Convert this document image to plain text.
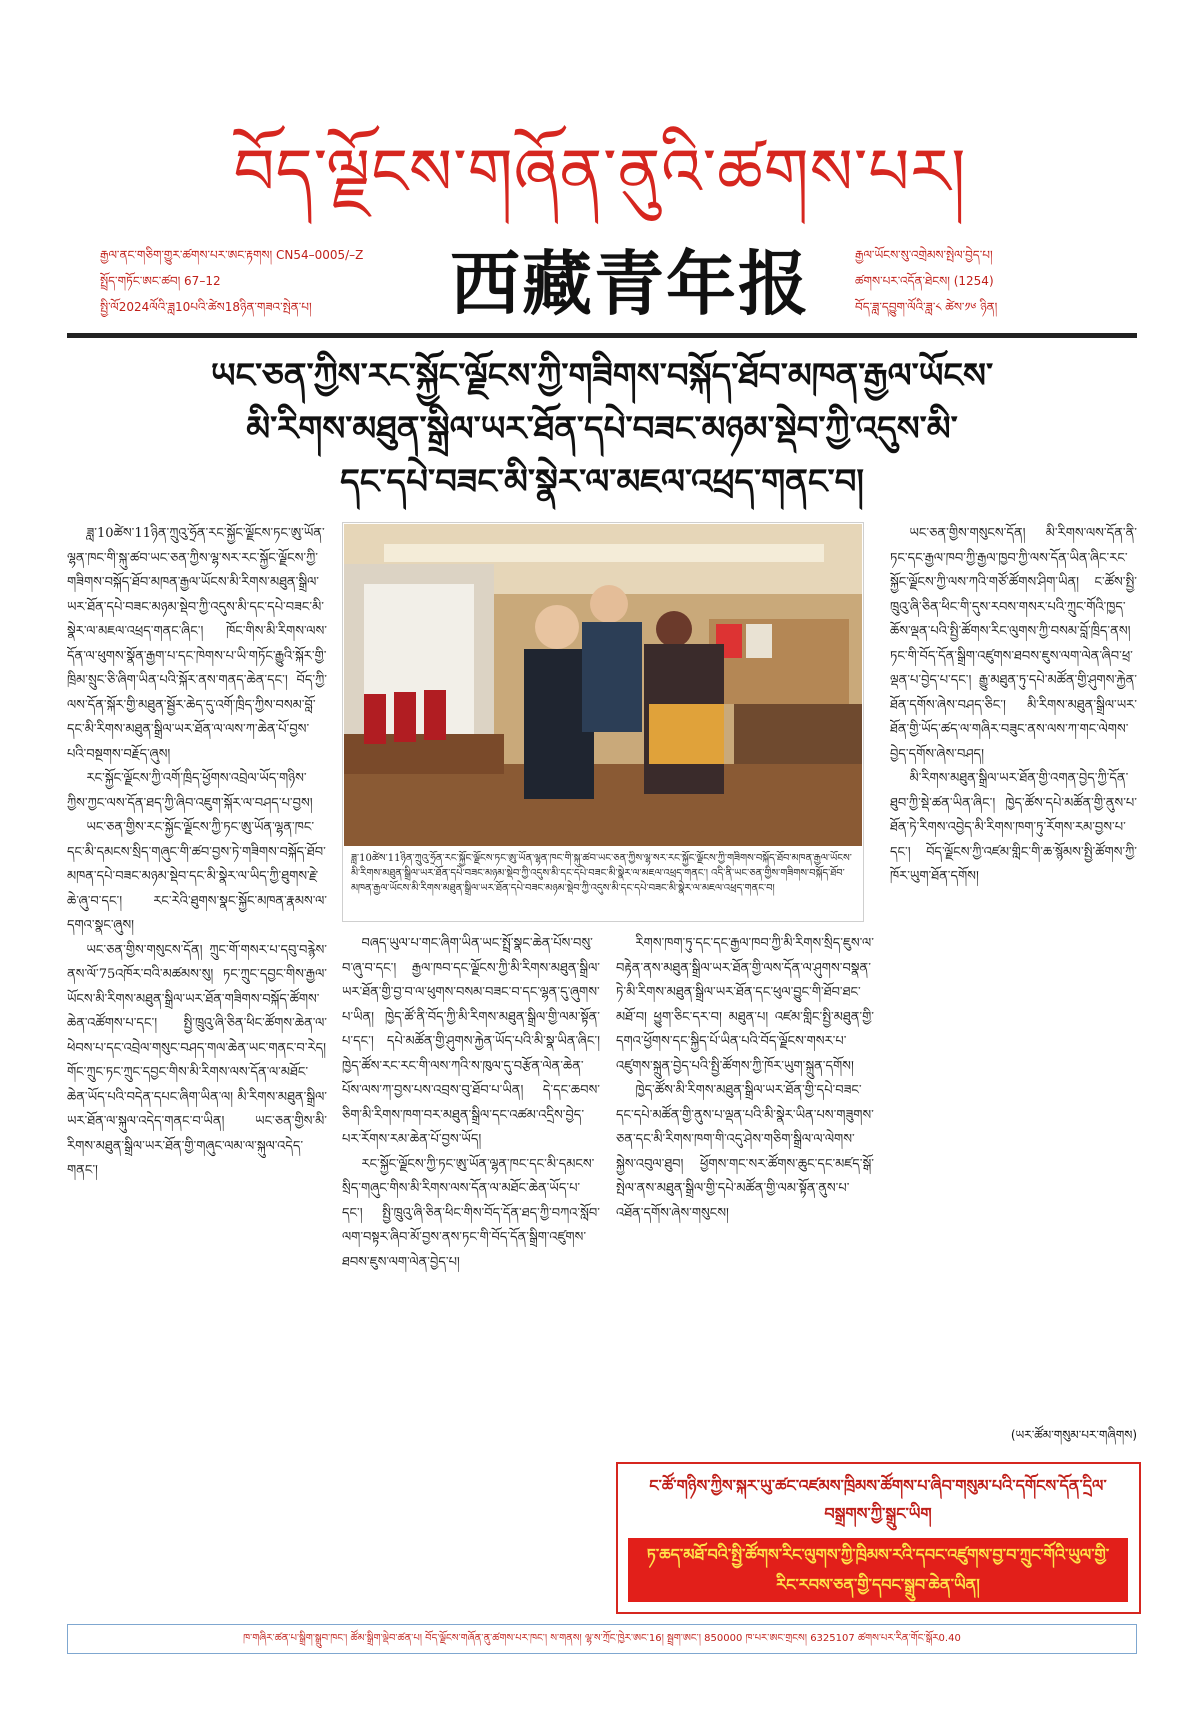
བོད་ལྗོངས་གཞོན་ནུའི་ཚགས་པར།
རྒྱལ་ནང་གཅིག་གྱུར་ཚགས་པར་ཨང་རྟགས། CN54–0005/–Z
སྤྲོད་གཏོང་ཨང་ཚབ། 67–12
སྤྱི་ལོ2024ལོའི་ཟླ10པའི་ཚེས18ཉིན་གཟའ་སྤེན་པ།	西藏青年报	རྒྱལ་ཡོངས་སུ་འགྲེམས་སྤེལ་བྱེད་པ།
ཚགས་པར་འདོན་ཐེངས། (1254)
བོད་ཟླ་དབྱུག་ལོའི་ཟླ་༨ ཚེས་༡༦ ཉིན།
ཡང་ཅན་ཀྱིས་རང་སྐྱོང་ལྗོངས་ཀྱི་གཟིགས་བསྐོད་ཐོབ་མཁན་རྒྱལ་ཡོངས་
མི་རིགས་མཐུན་སྒྲིལ་ཡར་ཐོན་དཔེ་བཟང་མཉམ་སྡེབ་ཀྱི་འདུས་མི་
དང་དཔེ་བཟང་མི་སྣེར་ལ་མཇལ་འཕྲད་གནང་བ།

ཟླ་10ཚེས་11ཉིན་ཀྲུའུ་ཧྲོན་རང་སྐྱོང་ལྗོངས་ཏང་ཨུ་ཡོན་ལྷན་ཁང་གི་སྐུ་ཚབ་ཡང་ཅན་ཀྱིས་ལྷ་སར་རང་སྐྱོང་ལྗོངས་ཀྱི་གཟིགས་བསྐོད་ཐོབ་མཁན་རྒྱལ་ཡོངས་མི་རིགས་མཐུན་སྒྲིལ་ཡར་ཐོན་དཔེ་བཟང་མཉམ་སྡེབ་ཀྱི་འདུས་མི་དང་དཔེ་བཟང་མི་སྣེར་ལ་མཇལ་འཕྲད་གནང་ཞིང་། ཁོང་གིས་མི་རིགས་ལས་དོན་ལ་ཕུགས་སྣོན་རྒྱག་པ་དང་ཁེགས་པ་ཡི་གཏོང་རྒྱུའི་སྐོར་གྱི་ཁྲིམ་སྲུང་ཅི་ཞིག་ཡིན་པའི་སྐོར་ནས་གནད་ཆེན་དང་། བོད་ཀྱི་ལས་དོན་སྐོར་གྱི་མཐུན་སྦྱོར་ཆེད་དུ་འགོ་ཁྲིད་ཀྱིས་བསམ་བློ་དང་མི་རིགས་མཐུན་སྒྲིལ་ཡར་ཐོན་ལ་ལས་ཀ་ཆེན་པོ་བྱས་པའི་བསྔགས་བརྗོད་ཞུས།

རང་སྐྱོང་ལྗོངས་ཀྱི་འགོ་ཁྲིད་ཕྱོགས་འབྲེལ་ཡོད་གཉིས་ཀྱིས་ཀྱང་ལས་དོན་ཐད་ཀྱི་ཞིབ་འཇུག་སྐོར་ལ་བཤད་པ་བྱས།

ཡང་ཅན་གྱིས་རང་སྐྱོང་ལྗོངས་ཀྱི་ཏང་ཨུ་ཡོན་ལྷན་ཁང་དང་མི་དམངས་སྲིད་གཞུང་གི་ཚབ་བྱས་ཏེ་གཟིགས་བསྐོད་ཐོབ་མཁན་དཔེ་བཟང་མཉམ་སྡེབ་དང་མི་སྣེར་ལ་ཡིད་ཀྱི་ཐུགས་རྗེ་ཆེ་ཞུ་བ་དང་། རང་རེའི་ཐུགས་སྣང་སྐྱོང་མཁན་རྣམས་ལ་དགའ་སྣང་ཞུས།

ཡང་ཅན་གྱིས་གསུངས་དོན། ཀྲུང་གོ་གསར་པ་དབུ་བརྙེས་ནས་ལོ་75འཁོར་བའི་མཚམས་སུ། ཏང་ཀྲུང་དབྱང་གིས་རྒྱལ་ཡོངས་མི་རིགས་མཐུན་སྒྲིལ་ཡར་ཐོན་གཟིགས་བསྐོད་ཚོགས་ཆེན་འཚོགས་པ་དང་། སྤྱི་ཁྲུའུ་ཞི་ཅིན་ཕིང་ཚོགས་ཆེན་ལ་ཕེབས་པ་དང་འབྲེལ་གསུང་བཤད་གལ་ཆེན་ཡང་གནང་བ་རེད། གོང་ཀྲུང་ཏང་ཀྲུང་དབྱང་གིས་མི་རིགས་ལས་དོན་ལ་མཐོང་ཆེན་ཡོད་པའི་བདེན་དཔང་ཞིག་ཡིན་ལ། མི་རིགས་མཐུན་སྒྲིལ་ཡར་ཐོན་ལ་སྐུལ་འདེད་གནང་བ་ཡིན། ཡང་ཅན་གྱིས་མི་རིགས་མཐུན་སྒྲིལ་ཡར་ཐོན་གྱི་གཞུང་ལམ་ལ་སྐུལ་འདེད་གནང་།

ཟླ་10ཚེས་11ཉིན་ཀྲུའུ་ཧྲོན་རང་སྐྱོང་ལྗོངས་ཏང་ཨུ་ཡོན་ལྷན་ཁང་གི་སྐུ་ཚབ་ཡང་ཅན་ཀྱིས་ལྷ་སར་རང་སྐྱོང་ལྗོངས་ཀྱི་གཟིགས་བསྐོད་ཐོབ་མཁན་རྒྱལ་ཡོངས་མི་རིགས་མཐུན་སྒྲིལ་ཡར་ཐོན་དཔེ་བཟང་མཉམ་སྡེབ་ཀྱི་འདུས་མི་དང་དཔེ་བཟང་མི་སྣེར་ལ་མཇལ་འཕྲད་གནང་། འདི་ནི་ཡང་ཅན་གྱིས་གཟིགས་བསྐོད་ཐོབ་མཁན་རྒྱལ་ཡོངས་མི་རིགས་མཐུན་སྒྲིལ་ཡར་ཐོན་དཔེ་བཟང་མཉམ་སྡེབ་ཀྱི་འདུས་མི་དང་དཔེ་བཟང་མི་སྣེར་ལ་མཇལ་འཕྲད་གནང་བ།

བཞད་ཡུལ་པ་གང་ཞིག་ཡིན་ཡང་སྤྲོ་སྣང་ཆེན་པོས་བསུ་བ་ཞུ་བ་དང་། རྒྱལ་ཁབ་དང་ལྗོངས་ཀྱི་མི་རིགས་མཐུན་སྒྲིལ་ཡར་ཐོན་གྱི་བྱ་བ་ལ་ཕུགས་བསམ་བཟང་བ་དང་ལྷན་དུ་ཞུགས་པ་ཡིན། ཁྱེད་ཚོ་ནི་བོད་ཀྱི་མི་རིགས་མཐུན་སྒྲིལ་གྱི་ལམ་སྟོན་པ་དང་། དཔེ་མཚོན་གྱི་ཤུགས་རྐྱེན་ཡོད་པའི་མི་སྣ་ཡིན་ཞིང་། ཁྱེད་ཚོས་རང་རང་གི་ལས་ཀའི་ས་ཁུལ་དུ་བརྩོན་ལེན་ཆེན་པོས་ལས་ཀ་བྱས་པས་འབྲས་བུ་ཐོབ་པ་ཡིན། དེ་དང་ཆབས་ཅིག་མི་རིགས་ཁག་བར་མཐུན་སྒྲིལ་དང་འཚམ་འདྲིས་བྱེད་པར་རོགས་རམ་ཆེན་པོ་བྱས་ཡོད།

རང་སྐྱོང་ལྗོངས་ཀྱི་ཏང་ཨུ་ཡོན་ལྷན་ཁང་དང་མི་དམངས་སྲིད་གཞུང་གིས་མི་རིགས་ལས་དོན་ལ་མཐོང་ཆེན་ཡོད་པ་དང་། སྤྱི་ཁྲུའུ་ཞི་ཅིན་ཕིང་གིས་བོད་དོན་ཐད་ཀྱི་བཀའ་སློབ་ལག་བསྟར་ཞིབ་མོ་བྱས་ནས་ཏང་གི་བོད་དོན་སྒྲིག་འཛུགས་ཐབས་ཇུས་ལག་ལེན་བྱེད་པ།

རིགས་ཁག་ཏུ་དང་དང་རྒྱལ་ཁབ་ཀྱི་མི་རིགས་སྲིད་ཇུས་ལ་བརྟེན་ནས་མཐུན་སྒྲིལ་ཡར་ཐོན་གྱི་ལས་དོན་ལ་ཤུགས་བསྣན་ཏེ་མི་རིགས་མཐུན་སྒྲིལ་ཡར་ཐོན་དང་ཕུལ་བྱུང་གི་ཐོབ་ཐང་མཐོ་བ། ཕྱུག་ཅིང་དར་བ། མཐུན་པ། འཛམ་གླིང་སྤྱི་མཐུན་གྱི་དགའ་ཕྱོགས་དང་སྐྱིད་པོ་ཡིན་པའི་བོད་ལྗོངས་གསར་པ་འཛུགས་སྐྲུན་བྱེད་པའི་སྤྱི་ཚོགས་ཀྱི་ཁོར་ཡུག་སྐྲུན་དགོས།

ཁྱེད་ཚོས་མི་རིགས་མཐུན་སྒྲིལ་ཡར་ཐོན་གྱི་དཔེ་བཟང་དང་དཔེ་མཚོན་གྱི་ནུས་པ་ལྡན་པའི་མི་སྣེར་ཡིན་པས་གཟུགས་ཅན་དང་མི་རིགས་ཁག་གི་འདུ་ཤེས་གཅིག་སྒྲིལ་ལ་ལེགས་སྐྱེས་འབུལ་ཐུབ། ཕྱོགས་གང་སར་ཚོགས་ཆུང་དང་མཛད་སྒོ་སྤེལ་ནས་མཐུན་སྒྲིལ་གྱི་དཔེ་མཚོན་གྱི་ལམ་སྟོན་ནུས་པ་འཐོན་དགོས་ཞེས་གསུངས།

ཡང་ཅན་གྱིས་གསུངས་དོན། མི་རིགས་ལས་དོན་ནི་ཏང་དང་རྒྱལ་ཁབ་ཀྱི་རྒྱལ་ཁྱབ་ཀྱི་ལས་དོན་ཡིན་ཞིང་རང་སྐྱོང་ལྗོངས་ཀྱི་ལས་ཀའི་གཙོ་ཚོགས་ཤིག་ཡིན། ང་ཚོས་སྤྱི་ཁྲུའུ་ཞི་ཅིན་ཕིང་གི་དུས་རབས་གསར་པའི་ཀྲུང་གོའི་ཁྱད་ཆོས་ལྡན་པའི་སྤྱི་ཚོགས་རིང་ལུགས་ཀྱི་བསམ་བློ་ཁྲིད་ནས། ཏང་གི་བོད་དོན་སྒྲིག་འཛུགས་ཐབས་ཇུས་ལག་ལེན་ཞིབ་ཕྲ་ལྡན་པ་བྱེད་པ་དང་། རྒྱུ་མཐུན་ཏུ་དཔེ་མཚོན་གྱི་ཤུགས་རྐྱེན་ཐོན་དགོས་ཞེས་བཤད་ཅིང་། མི་རིགས་མཐུན་སྒྲིལ་ཡར་ཐོན་གྱི་ཡོད་ཚད་ལ་གཞིར་བཟུང་ནས་ལས་ཀ་གང་ལེགས་བྱེད་དགོས་ཞེས་བཤད།

མི་རིགས་མཐུན་སྒྲིལ་ཡར་ཐོན་གྱི་འགན་བྱེད་ཀྱི་དོན་ཐུབ་ཀྱི་སྡེ་ཚན་ཡིན་ཞིང་། ཁྱེད་ཚོས་དཔེ་མཚོན་གྱི་ནུས་པ་ཐོན་ཏེ་རིགས་འབྱེད་མི་རིགས་ཁག་ཏུ་རོགས་རམ་བྱས་པ་དང་། བོད་ལྗོངས་ཀྱི་འཛམ་གླིང་གི་ཆ་སྙོམས་སྤྱི་ཚོགས་ཀྱི་ཁོར་ཡུག་ཐོན་དགོས།

(ཡར་ཚོམ་གསུམ་པར་གཞིགས)
ང་ཚོ་གཉིས་ཀྱིས་སྐར་ཡུ་ཚང་འཛམས་ཁྲིམས་ཚོགས་པ་ཞིབ་གསུམ་པའི་དགོངས་དོན་དྲིལ་བསྒྲགས་ཀྱི་སྒྲུང་ཡིག
ཏ་ཆད་མཐོ་བའི་སྤྱི་ཚོགས་རིང་ལུགས་ཀྱི་ཁྲིམས་རའི་དབང་འཛུགས་བྱ་བ་ཀྲུང་གོའི་ཡུལ་གྱི་རིང་རབས་ཅན་གྱི་དབང་སྒྲུབ་ཆེན་ཡིན།
ཁ་གཞིར་ཚན་པ་སྒྲིག་སྒྲུབ་ཁང་། ཚོམ་སྒྲིག་ལྡེབ་ཚན་པ། བོད་ལྗོངས་གཞོན་ནུ་ཚགས་པར་ཁང་། ས་གནས། ལྷ་ས་ཀྲོང་ཁྱེར་ཨང་16། སྦྲག་ཨང་། 850000 ཁ་པར་ཨང་གྲངས། 6325107 ཚགས་པར་རིན་གོང་སྒོར0.40
